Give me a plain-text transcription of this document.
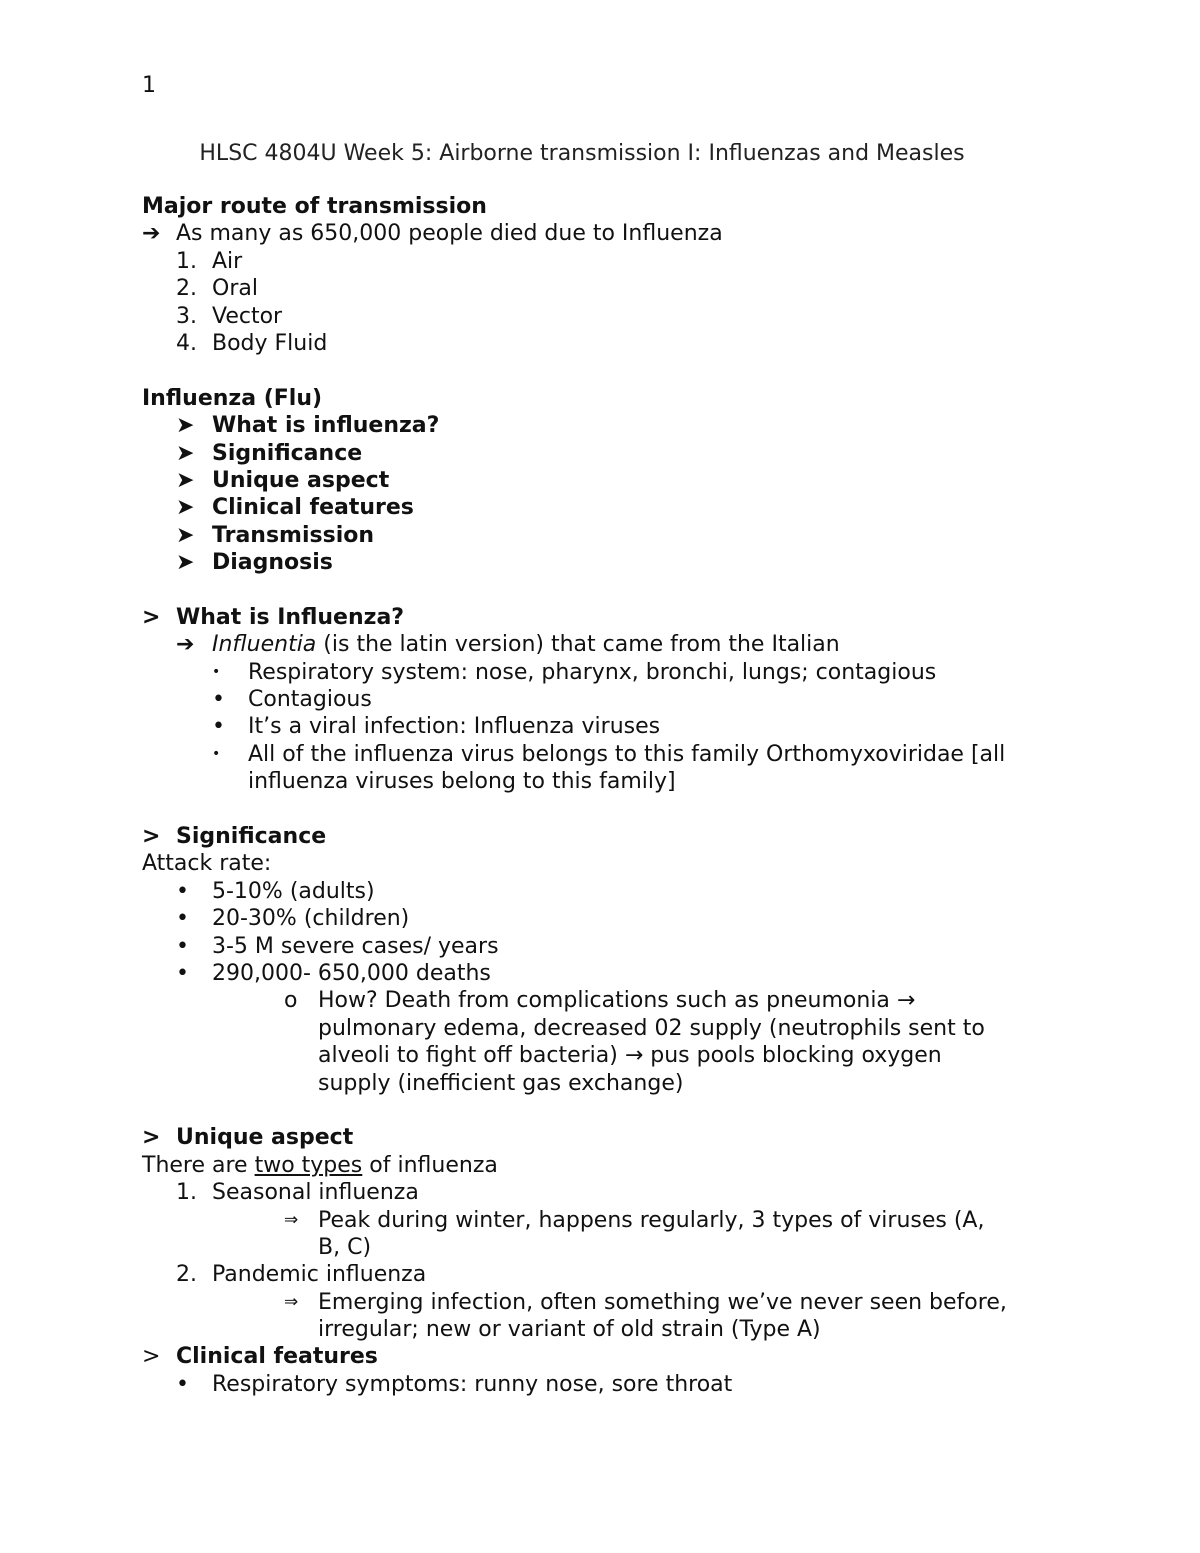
1
HLSC 4804U Week 5: Airborne transmission I: Influenzas and Measles
Major route of transmission
➔ As many as 650,000 people died due to Influenza
1. Air
2. Oral
3. Vector
4. Body Fluid
Influenza (Flu)
➤ What is influenza?
➤ Significance
➤ Unique aspect
➤ Clinical features
➤ Transmission
➤ Diagnosis
> What is Influenza?
➔ Influentia (is the latin version) that came from the Italian
• Respiratory system: nose, pharynx, bronchi, lungs; contagious
• Contagious
• It’s a viral infection: Influenza viruses
• All of the influenza virus belongs to this family Orthomyxoviridae [all
influenza viruses belong to this family]
> Significance
Attack rate:
• 5-10% (adults)
• 20-30% (children)
• 3-5 M severe cases/ years
• 290,000- 650,000 deaths
o How? Death from complications such as pneumonia →
pulmonary edema, decreased 02 supply (neutrophils sent to
alveoli to fight off bacteria) → pus pools blocking oxygen
supply (inefficient gas exchange)
> Unique aspect
There are two types of influenza
1. Seasonal influenza
⇒ Peak during winter, happens regularly, 3 types of viruses (A,
B, C)
2. Pandemic influenza
⇒ Emerging infection, often something we’ve never seen before,
irregular; new or variant of old strain (Type A)
> Clinical features
• Respiratory symptoms: runny nose, sore throat
